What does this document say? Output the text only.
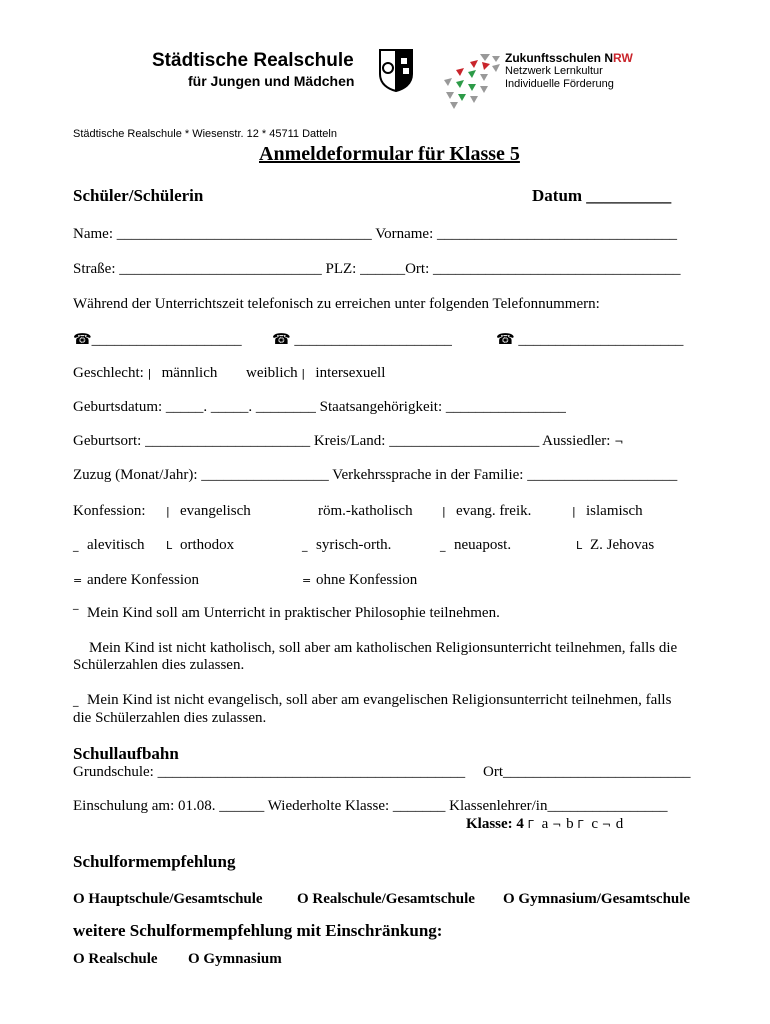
Städtische Realschule
für Jungen und Mädchen
Zukunftsschulen NRW
Netzwerk Lernkultur
Individuelle Förderung
Städtische Realschule * Wiesenstr. 12 * 45711 Datteln
Anmeldeformular für Klasse 5
Schüler/Schülerin	Datum __________
Name: __________________________________ Vorname: ________________________________
Straße: ___________________________ PLZ: ______Ort: _________________________________
Während der Unterrichtszeit telefonisch zu erreichen unter folgenden Telefonnummern:
☎____________________ ☎ _____________________	☎ ______________________
Geschlecht: | männlich weiblich | intersexuell
Geburtsdatum: _____. _____. ________ Staatsangehörigkeit: ________________
Geburtsort: ______________________ Kreis/Land: ____________________ Aussiedler: ¬
Zuzug (Monat/Jahr): _________________ Verkehrssprache in der Familie: ____________________
Konfession: | evangelisch	röm.-katholisch	| evang. freik.	| islamisch
_ alevitisch L orthodox	_ syrisch-orth.	_ neuapost.	L Z. Jehovas
= andere Konfession	= ohne Konfession
‾ Mein Kind soll am Unterricht in praktischer Philosophie teilnehmen.
Mein Kind ist nicht katholisch, soll aber am katholischen Religionsunterricht teilnehmen, falls die
Schülerzahlen dies zulassen.
_ Mein Kind ist nicht evangelisch, soll aber am evangelischen Religionsunterricht teilnehmen, falls
die Schülerzahlen dies zulassen.
Schullaufbahn
Grundschule: _________________________________________ Ort_________________________
Einschulung am: 01.08. ______ Wiederholte Klasse: _______ Klassenlehrer/in________________
Klasse: 4 Γ a ¬ b Γ c ¬ d
Schulformempfehlung
O Hauptschule/Gesamtschule O Realschule/Gesamtschule O Gymnasium/Gesamtschule
weitere Schulformempfehlung mit Einschränkung:
O Realschule O Gymnasium
